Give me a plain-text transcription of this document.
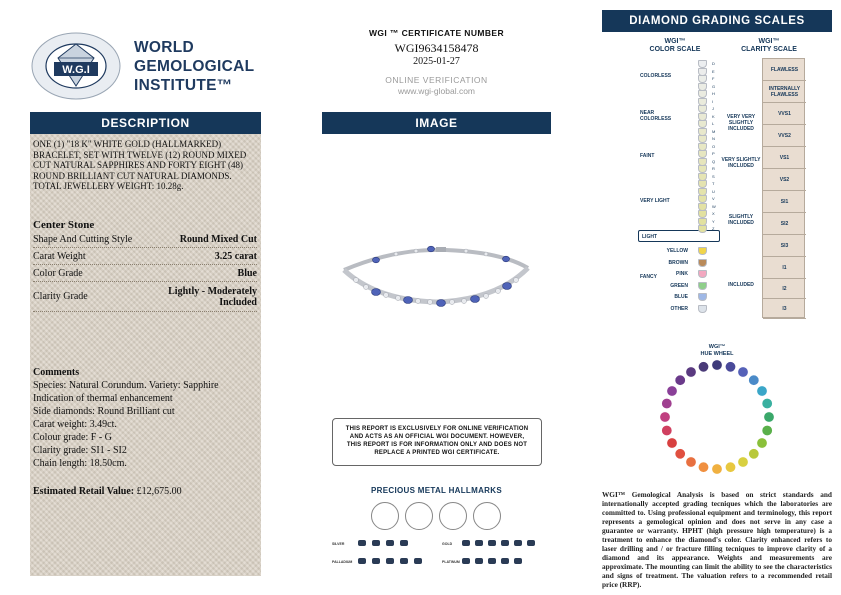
W.G.I
WORLD
GEMOLOGICAL
INSTITUTE™
DESCRIPTION
ONE (1) "18 K" WHITE GOLD (HALLMARKED) BRACELET, SET WITH TWELVE (12) ROUND MIXED CUT NATURAL SAPPHIRES AND FORTY EIGHT (48) ROUND BRILLIANT CUT NATURAL DIAMONDS. TOTAL JEWELLERY WEIGHT: 10.28g.
Center Stone
Shape And Cutting Style	Round Mixed Cut
Carat Weight	3.25 carat
Color Grade	Blue
Clarity Grade	Lightly - Moderately Included
Comments
Species: Natural Corundum. Variety: Sapphire
Indication of thermal enhancement
Side diamonds: Round Brilliant cut
Carat weight: 3.49ct.
Colour grade: F - G
Clarity grade: SI1 - SI2
Chain length: 18.50cm.
Estimated Retail Value: £12,675.00
WGI ™ CERTIFICATE NUMBER
WGI9634158478
2025-01-27
ONLINE VERIFICATION
www.wgi-global.com
IMAGE
THIS REPORT IS EXCLUSIVELY FOR ONLINE VERIFICATION AND ACTS AS AN OFFICIAL WGI DOCUMENT. HOWEVER, THIS REPORT IS FOR INFORMATION ONLY AND DOES NOT REPLACE A PRINTED WGI CERTIFICATE.
PRECIOUS METAL HALLMARKS
SILVER
PALLADIUM
GOLD
PLATINUM
DIAMOND GRADING SCALES
WGI™
COLOR SCALE
WGI™
CLARITY SCALE
COLORLESS
NEAR COLORLESS
FAINT
VERY LIGHT
LIGHT
D
E
F
G
H
I
J
K
L
M
N
O
P
Q
R
S
T
U
V
W
X
Y
Z
FANCY
YELLOW
BROWN
PINK
GREEN
BLUE
OTHER
FLAWLESS
INTERNALLY FLAWLESS
VVS1
VVS2
VS1
VS2
SI1
SI2
SI3
I1
I2
I3
VERY VERY SLIGHTLY INCLUDED
VERY SLIGHTLY INCLUDED
SLIGHTLY INCLUDED
INCLUDED
WGI™
HUE WHEEL
WGI™ Gemological Analysis is based on strict standards and internationally accepted grading tecniques which the laboratories are committed to. Using professional equipment and terminology, this report represents a gemological opinion and does not serve in any case a guarantee or warranty. HPHT (high pressure high temperature) is a treatment to enhance the diamond's color. Clarity enhanced refers to laser drilling and / or fracture filling tecniques to improve clarity of a diamond and its appearance. Weights and measurements are approximate. The mounting can limit the ability to see the characteristics and signs of treatment. The valuation refers to a recommended retail price (RRP).
